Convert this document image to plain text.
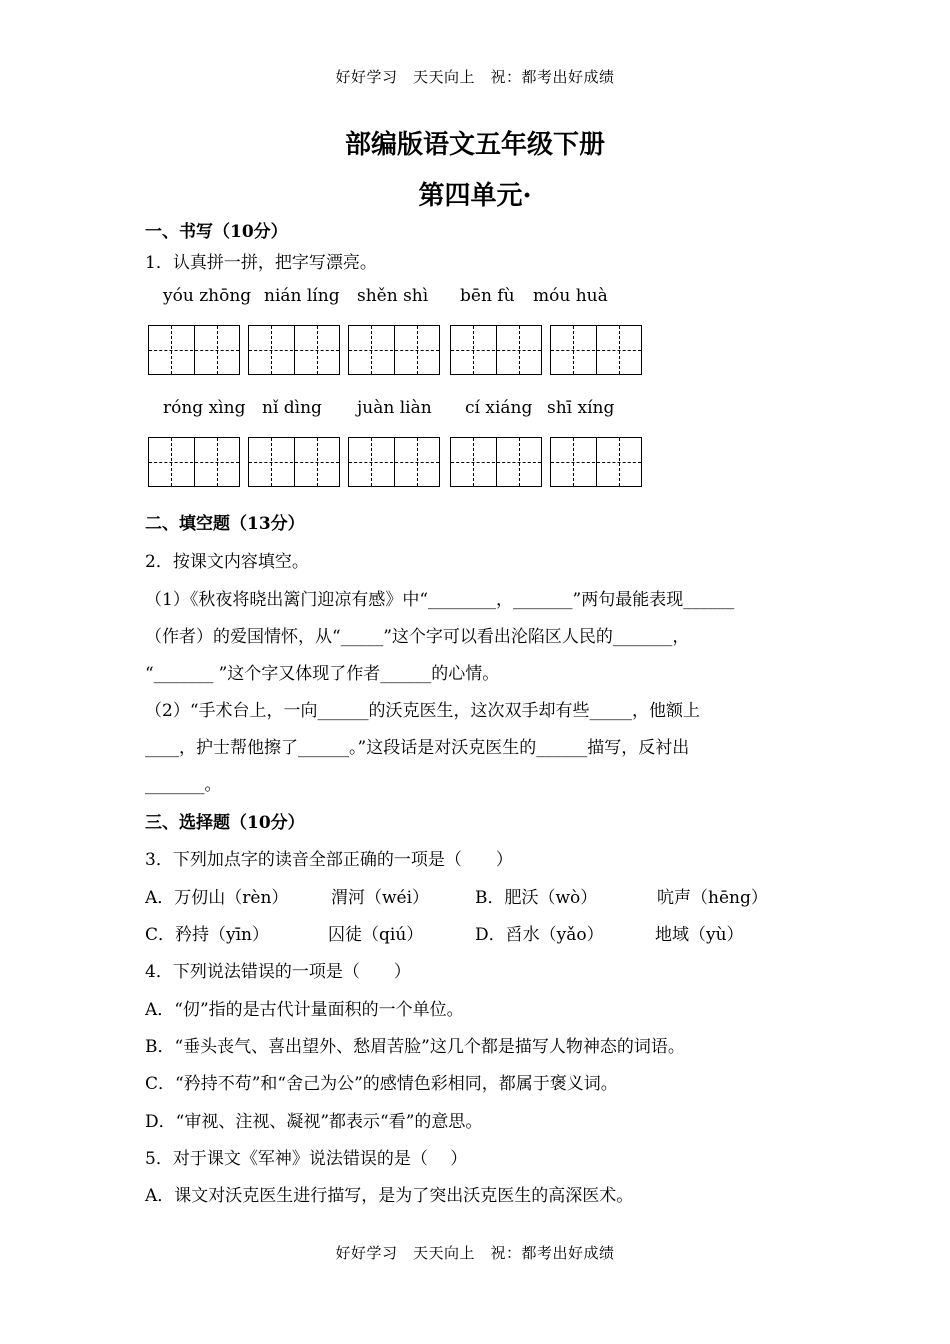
好好学习　天天向上　祝：都考出好成绩
部编版语文五年级下册
第四单元·
一、书写（10分）
1．认真拼一拼，把字写漂亮。
yóu zhōng nián líng shěn shì bēn fù móu huà
róng xìng nǐ dìng juàn liàn cí xiáng shī xíng
二、填空题（13分）
2．按课文内容填空。
（1）《秋夜将晓出篱门迎凉有感》中“________，_______”两句最能表现______
（作者）的爱国情怀，从“_____”这个字可以看出沦陷区人民的_______，
“_______ ”这个字又体现了作者______的心情。
（2）“手术台上，一向______的沃克医生，这次双手却有些_____，他额上
____，护士帮他擦了______。”这段话是对沃克医生的______描写，反衬出
_______。
三、选择题（10分）
3．下列加点字的读音全部正确的一项是（　　）
A．万仞山（rèn）	渭河（wéi）	B．肥沃（wò）	吭声（hēng）
C．矜持（yīn）	囚徒（qiú）	D．舀水（yǎo）	地域（yù）
4．下列说法错误的一项是（　　）
A．“仞”指的是古代计量面积的一个单位。
B．“垂头丧气、喜出望外、愁眉苦脸”这几个都是描写人物神态的词语。
C．“矜持不苟”和“舍己为公”的感情色彩相同，都属于褒义词。
D．“审视、注视、凝视”都表示“看”的意思。
5．对于课文《军神》说法错误的是（　 ）
A．课文对沃克医生进行描写，是为了突出沃克医生的高深医术。
好好学习　天天向上　祝：都考出好成绩
